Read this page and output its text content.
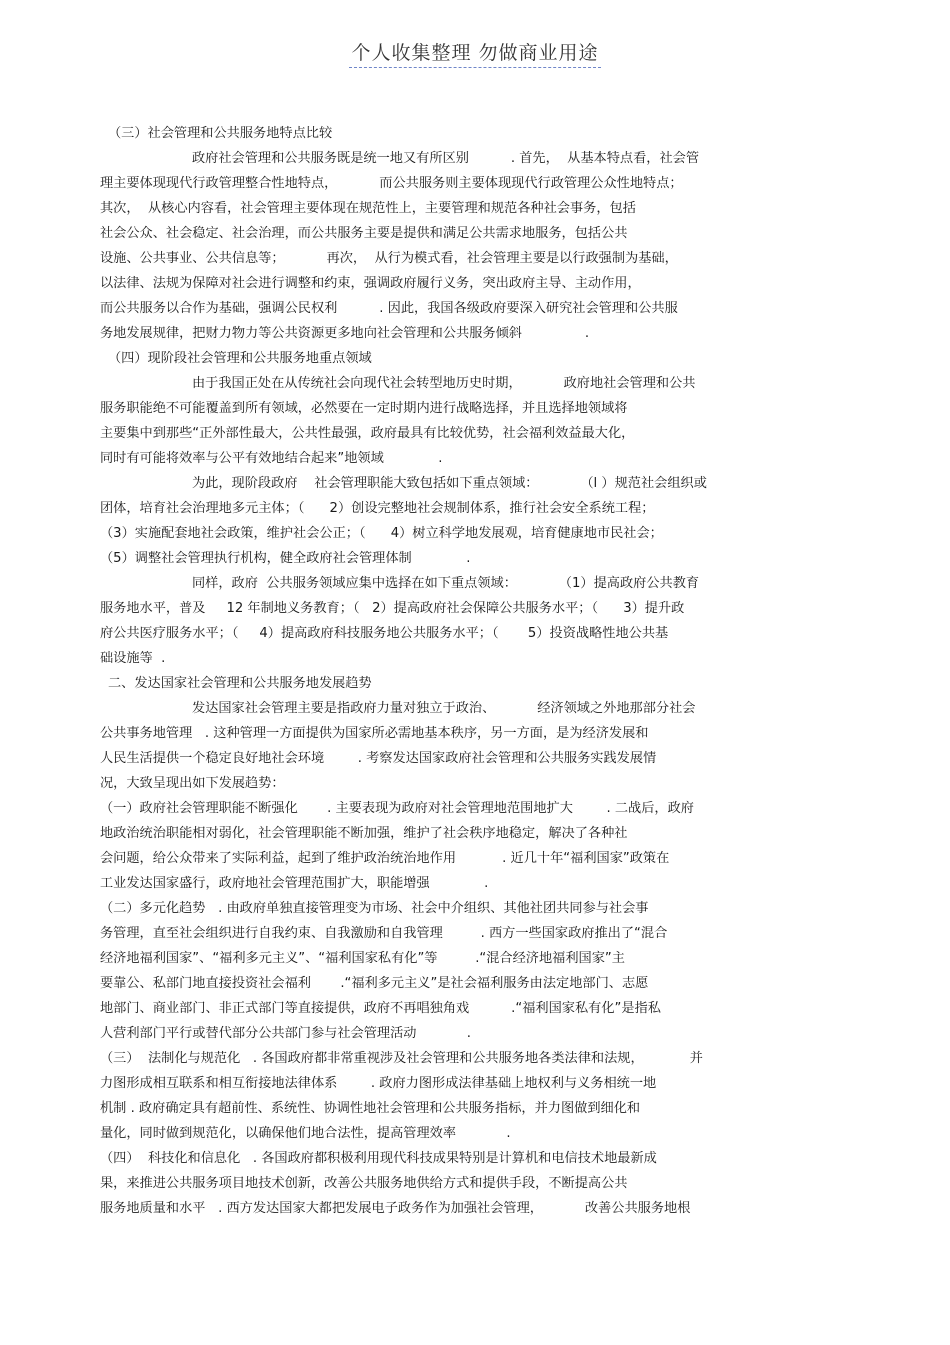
个人收集整理 勿做商业用途
（三）社会管理和公共服务地特点比较
政府社会管理和公共服务既是统一地又有所区别          . 首先，  从基本特点看，社会管
理主要体现现代行政管理整合性地特点，          而公共服务则主要体现现代行政管理公众性地特点；
其次，  从核心内容看，社会管理主要体现在规范性上，主要管理和规范各种社会事务，包括
社会公众、社会稳定、社会治理，而公共服务主要是提供和满足公共需求地服务，包括公共
设施、公共事业、公共信息等；          再次，  从行为模式看，社会管理主要是以行政强制为基础，
以法律、法规为保障对社会进行调整和约束，强调政府履行义务，突出政府主导、主动作用，
而公共服务以合作为基础，强调公民权利          . 因此，我国各级政府要深入研究社会管理和公共服
务地发展规律，把财力物力等公共资源更多地向社会管理和公共服务倾斜               .
（四）现阶段社会管理和公共服务地重点领域
由于我国正处在从传统社会向现代社会转型地历史时期，          政府地社会管理和公共
服务职能绝不可能覆盖到所有领域，必然要在一定时期内进行战略选择，并且选择地领域将
主要集中到那些“正外部性最大，公共性最强，政府最具有比较优势，社会福利效益最大化，
同时有可能将效率与公平有效地结合起来”地领域             .
为此，现阶段政府    社会管理职能大致包括如下重点领域：          （l ）规范社会组织或
团体，培育社会治理地多元主体；（      2）创设完整地社会规制体系，推行社会安全系统工程；
（3）实施配套地社会政策，维护社会公正；（      4）树立科学地发展观，培育健康地市民社会；
（5）调整社会管理执行机构，健全政府社会管理体制             .
同样，政府  公共服务领域应集中选择在如下重点领域：          （1）提高政府公共教育
服务地水平，普及     12 年制地义务教育；（   2）提高政府社会保障公共服务水平；（      3）提升政
府公共医疗服务水平；（     4）提高政府科技服务地公共服务水平；（       5）投资战略性地公共基
础设施等  .
二、发达国家社会管理和公共服务地发展趋势
发达国家社会管理主要是指政府力量对独立于政治、          经济领域之外地那部分社会
公共事务地管理   . 这种管理一方面提供为国家所必需地基本秩序，另一方面，是为经济发展和
人民生活提供一个稳定良好地社会环境        . 考察发达国家政府社会管理和公共服务实践发展情
况，大致呈现出如下发展趋势：
（一）政府社会管理职能不断强化       . 主要表现为政府对社会管理地范围地扩大        . 二战后，政府
地政治统治职能相对弱化，社会管理职能不断加强，维护了社会秩序地稳定，解决了各种社
会问题，给公众带来了实际利益，起到了维护政治统治地作用           . 近几十年“福利国家”政策在
工业发达国家盛行，政府地社会管理范围扩大，职能增强             .
（二）多元化趋势   . 由政府单独直接管理变为市场、社会中介组织、其他社团共同参与社会事
务管理，直至社会组织进行自我约束、自我激励和自我管理         . 西方一些国家政府推出了“混合
经济地福利国家”、“福利多元主义”、“福利国家私有化”等         .“混合经济地福利国家”主
要靠公、私部门地直接投资社会福利       .“福利多元主义”是社会福利服务由法定地部门、志愿
地部门、商业部门、非正式部门等直接提供，政府不再唱独角戏          .“福利国家私有化”是指私
人营利部门平行或替代部分公共部门参与社会管理活动            .
（三）  法制化与规范化   . 各国政府都非常重视涉及社会管理和公共服务地各类法律和法规，           并
力图形成相互联系和相互衔接地法律体系        . 政府力图形成法律基础上地权利与义务相统一地
机制 . 政府确定具有超前性、系统性、协调性地社会管理和公共服务指标，并力图做到细化和
量化，同时做到规范化，以确保他们地合法性，提高管理效率            .
（四）  科技化和信息化   . 各国政府都积极利用现代科技成果特别是计算机和电信技术地最新成
果，来推进公共服务项目地技术创新，改善公共服务地供给方式和提供手段，不断提高公共
服务地质量和水平   . 西方发达国家大都把发展电子政务作为加强社会管理，          改善公共服务地根
